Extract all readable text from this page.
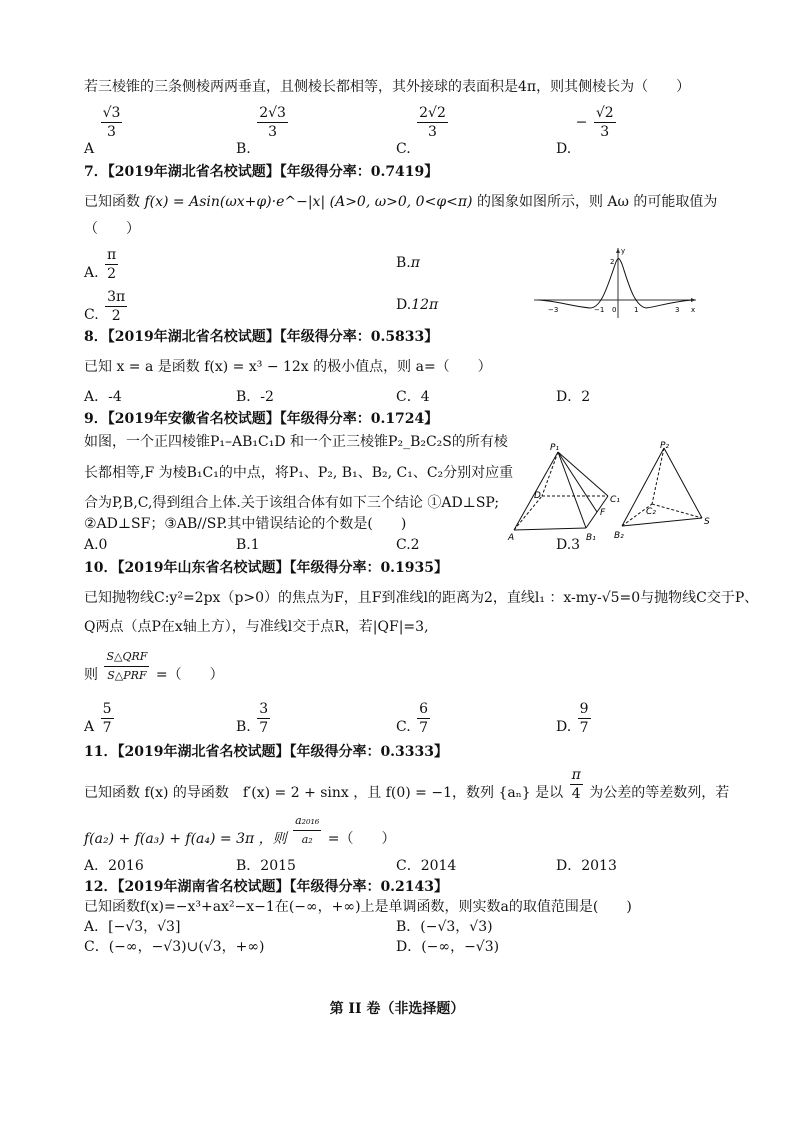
若三棱锥的三条侧棱两两垂直，且侧棱长都相等，其外接球的表面积是4π，则其侧棱长为（　　）
A
$\frac{√3}{3}$
B.
$\frac{2√3}{3}$
C.
$\frac{2√2}{3}$
D. − $\frac{√2}{3}$
7．【2019年湖北省名校试题】【年级得分率：0.7419】
已知函数 f(x) = Asin(ωx+φ)·e^−|x| (A>0, ω>0, 0<φ<π) 的图象如图所示，则 Aω 的可能取值为
（　　）
A. $\frac{\pi}{2}$	B.π
C. $\frac{3\pi}{2}$	D.12π
y
x
2
−3	−1 0	1	3
8．【2019年湖北省名校试题】【年级得分率：0.5833】
已知 x = a 是函数 f(x) = x³ − 12x 的极小值点，则 a=（　　）
A．-4	B．-2	C．4	D．2
9．【2019年安徽省名校试题】【年级得分率：0.1724】
如图，一个正四棱锥P₁–AB₁C₁D 和一个正三棱锥P₂_B₂C₂S的所有棱
长都相等,F 为棱B₁C₁的中点，将P₁、P₂, B₁、B₂, C₁、C₂分别对应重
合为P,B,C,得到组合上体.关于该组合体有如下三个结论 ①AD⊥SP;
②AD⊥SF；③AB//SP.其中错误结论的个数是(　　)
A.0	B.1	C.2	D.3
P₁
D	C₁
F
A	B₁
P₂
C₂
B₂
S
10．【2019年山东省名校试题】【年级得分率：0.1935】
已知抛物线C:y²=2px（p>0）的焦点为F，且F到准线l的距离为2，直线l₁ ：x-my-√5=0与抛物线C交于P、
Q两点（点P在x轴上方），与准线l交于点R，若|QF|=3,
则 $\frac{\text{S△QRF}}{\text{S△PRF}}$ =（　　）
A $\frac{5}{7}$	B. $\frac{3}{7}$	C. $\frac{6}{7}$	D. $\frac{9}{7}$
11．【2019年湖北省名校试题】【年级得分率：0.3333】
已知函数 f(x) 的导函数　f′(x) = 2 + sinx ，且 f(0) = −1，数列 {aₙ} 是以 $\frac{\pi}{4}$ 为公差的等差数列，若
f(a₂) + f(a₃) + f(a₄) = 3π ，则 $\frac{\text{a₂₀₁₆}}{\text{a₂}}$ =（　　）
A．2016	B．2015	C．2014	D．2013
12．【2019年湖南省名校试题】【年级得分率：0.2143】
已知函数f(x)=−x³+ax²−x−1在(−∞，+∞)上是单调函数，则实数a的取值范围是(　　)
A．[−√3，√3]	B．(−√3，√3)
C．(−∞，−√3)∪(√3，+∞)	D．(−∞，−√3)
第 II 卷（非选择题）
